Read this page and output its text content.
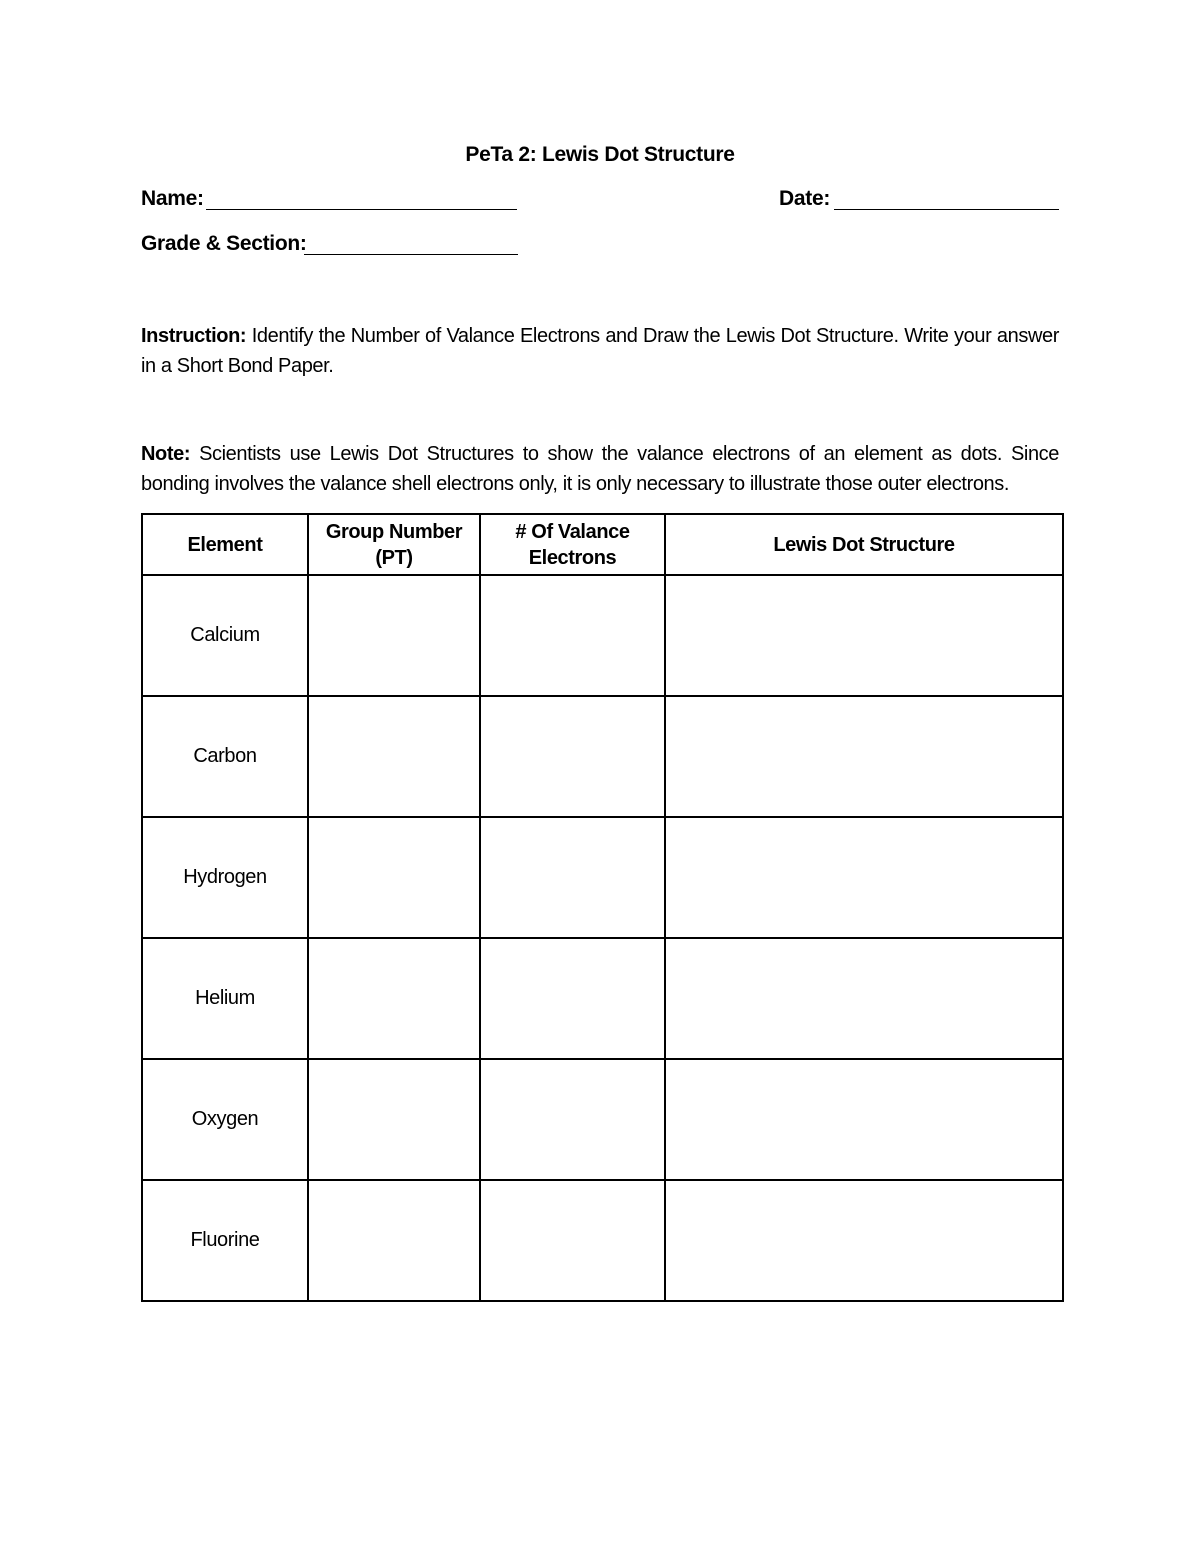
PeTa 2: Lewis Dot Structure
Name:	Date:
Grade & Section:
Instruction: Identify the Number of Valance Electrons and Draw the Lewis Dot Structure. Write your answer in a Short Bond Paper.
Note: Scientists use Lewis Dot Structures to show the valance electrons of an element as dots. Since bonding involves the valance shell electrons only, it is only necessary to illustrate those outer electrons.
Element	Group Number (PT)	# Of Valance Electrons	Lewis Dot Structure
Calcium			
Carbon			
Hydrogen			
Helium			
Oxygen			
Fluorine			
